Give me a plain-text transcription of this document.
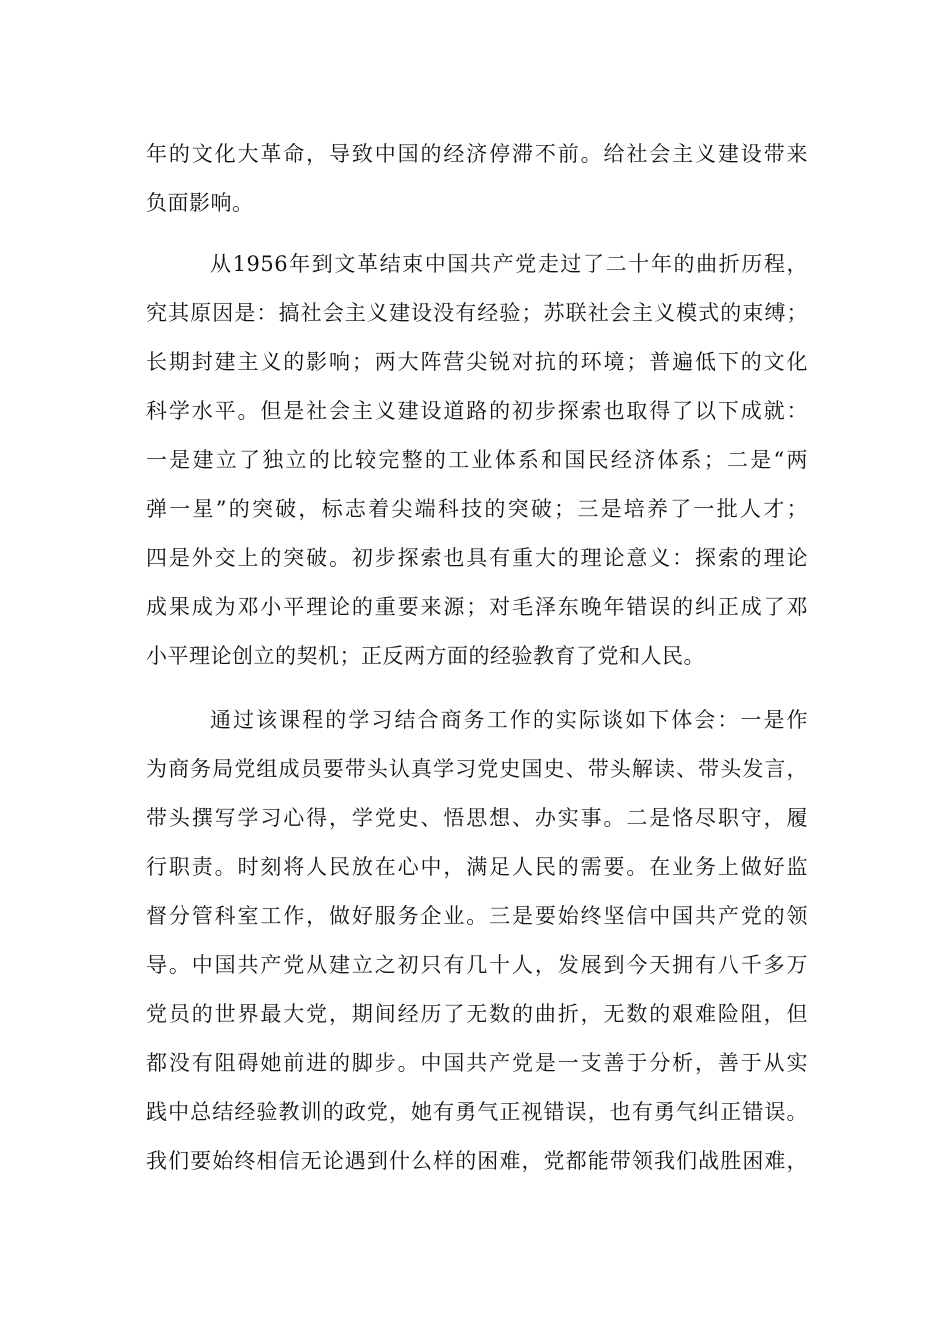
年的文化大革命，导致中国的经济停滞不前。给社会主义建设带来
负面影响。
从1956年到文革结束中国共产党走过了二十年的曲折历程，
究其原因是：搞社会主义建设没有经验；苏联社会主义模式的束缚；
长期封建主义的影响；两大阵营尖锐对抗的环境；普遍低下的文化
科学水平。但是社会主义建设道路的初步探索也取得了以下成就：
一是建立了独立的比较完整的工业体系和国民经济体系；二是“两
弹一星”的突破，标志着尖端科技的突破；三是培养了一批人才；
四是外交上的突破。初步探索也具有重大的理论意义：探索的理论
成果成为邓小平理论的重要来源；对毛泽东晚年错误的纠正成了邓
小平理论创立的契机；正反两方面的经验教育了党和人民。
通过该课程的学习结合商务工作的实际谈如下体会：一是作
为商务局党组成员要带头认真学习党史国史、带头解读、带头发言，
带头撰写学习心得，学党史、悟思想、办实事。二是恪尽职守，履
行职责。时刻将人民放在心中，满足人民的需要。在业务上做好监
督分管科室工作，做好服务企业。三是要始终坚信中国共产党的领
导。中国共产党从建立之初只有几十人，发展到今天拥有八千多万
党员的世界最大党，期间经历了无数的曲折，无数的艰难险阻，但
都没有阻碍她前进的脚步。中国共产党是一支善于分析，善于从实
践中总结经验教训的政党，她有勇气正视错误，也有勇气纠正错误。
我们要始终相信无论遇到什么样的困难，党都能带领我们战胜困难，
